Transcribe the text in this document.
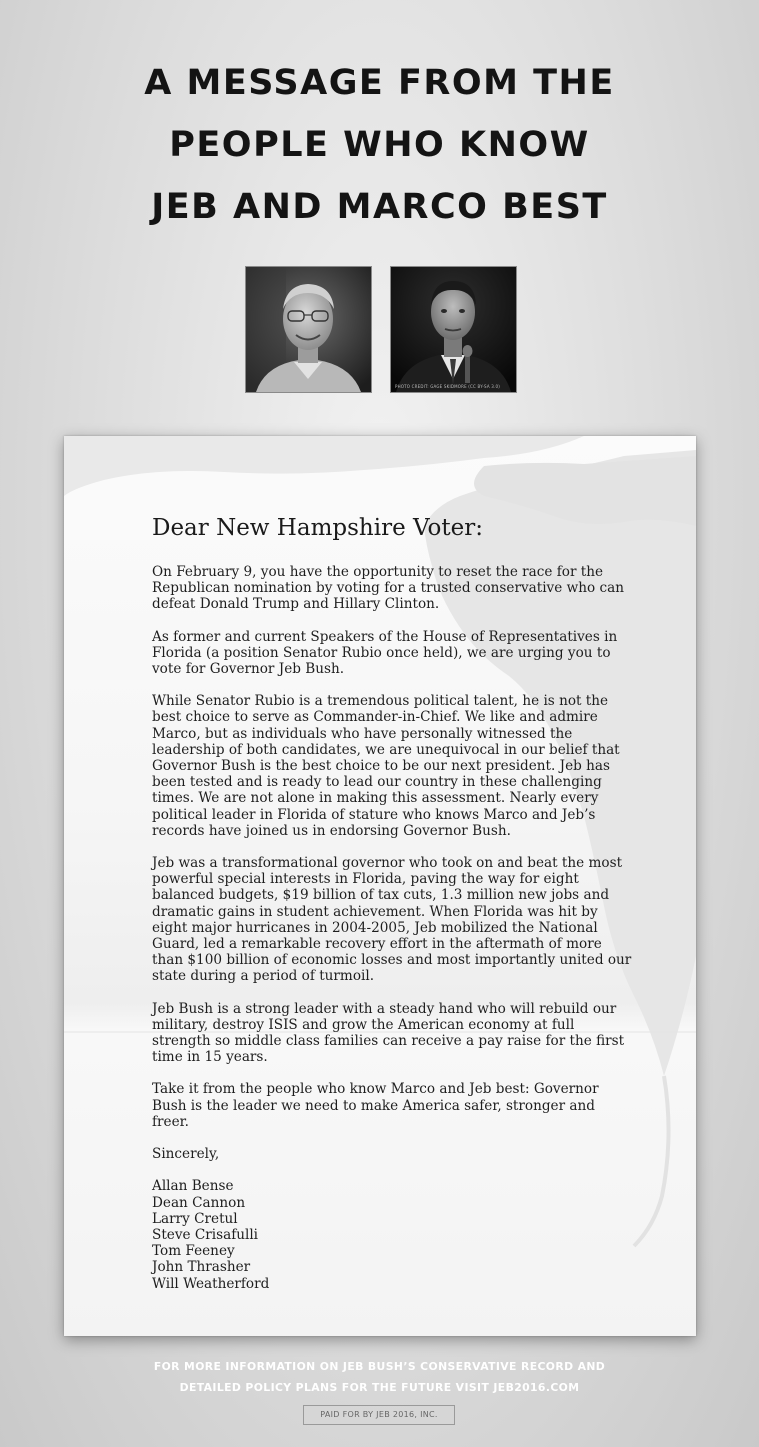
A MESSAGE FROM THE
PEOPLE WHO KNOW
JEB AND MARCO BEST
PHOTO CREDIT: GAGE SKIDMORE (CC BY-SA 3.0)
Dear New Hampshire Voter:

On February 9, you have the opportunity to reset the race for the Republican nomination by voting for a trusted conservative who can defeat Donald Trump and Hillary Clinton.

As former and current Speakers of the House of Representatives in Florida (a position Senator Rubio once held), we are urging you to vote for Governor Jeb Bush.

While Senator Rubio is a tremendous political talent, he is not the best choice to serve as Commander-in-Chief. We like and admire Marco, but as individuals who have personally witnessed the leadership of both candidates, we are unequivocal in our belief that Governor Bush is the best choice to be our next president. Jeb has been tested and is ready to lead our country in these challenging times. We are not alone in making this assessment. Nearly every political leader in Florida of stature who knows Marco and Jeb’s records have joined us in endorsing Governor Bush.

Jeb was a transformational governor who took on and beat the most powerful special interests in Florida, paving the way for eight balanced budgets, $19 billion of tax cuts, 1.3 million new jobs and dramatic gains in student achievement. When Florida was hit by eight major hurricanes in 2004-2005, Jeb mobilized the National Guard, led a remarkable recovery effort in the aftermath of more than $100 billion of economic losses and most importantly united our state during a period of turmoil.

Jeb Bush is a strong leader with a steady hand who will rebuild our military, destroy ISIS and grow the American economy at full strength so middle class families can receive a pay raise for the first time in 15 years.

Take it from the people who know Marco and Jeb best: Governor Bush is the leader we need to make America safer, stronger and freer.

Sincerely,

Allan Bense
Dean Cannon
Larry Cretul
Steve Crisafulli
Tom Feeney
John Thrasher
Will Weatherford
FOR MORE INFORMATION ON JEB BUSH’S CONSERVATIVE RECORD AND
DETAILED POLICY PLANS FOR THE FUTURE VISIT JEB2016.COM
PAID FOR BY JEB 2016, INC.
